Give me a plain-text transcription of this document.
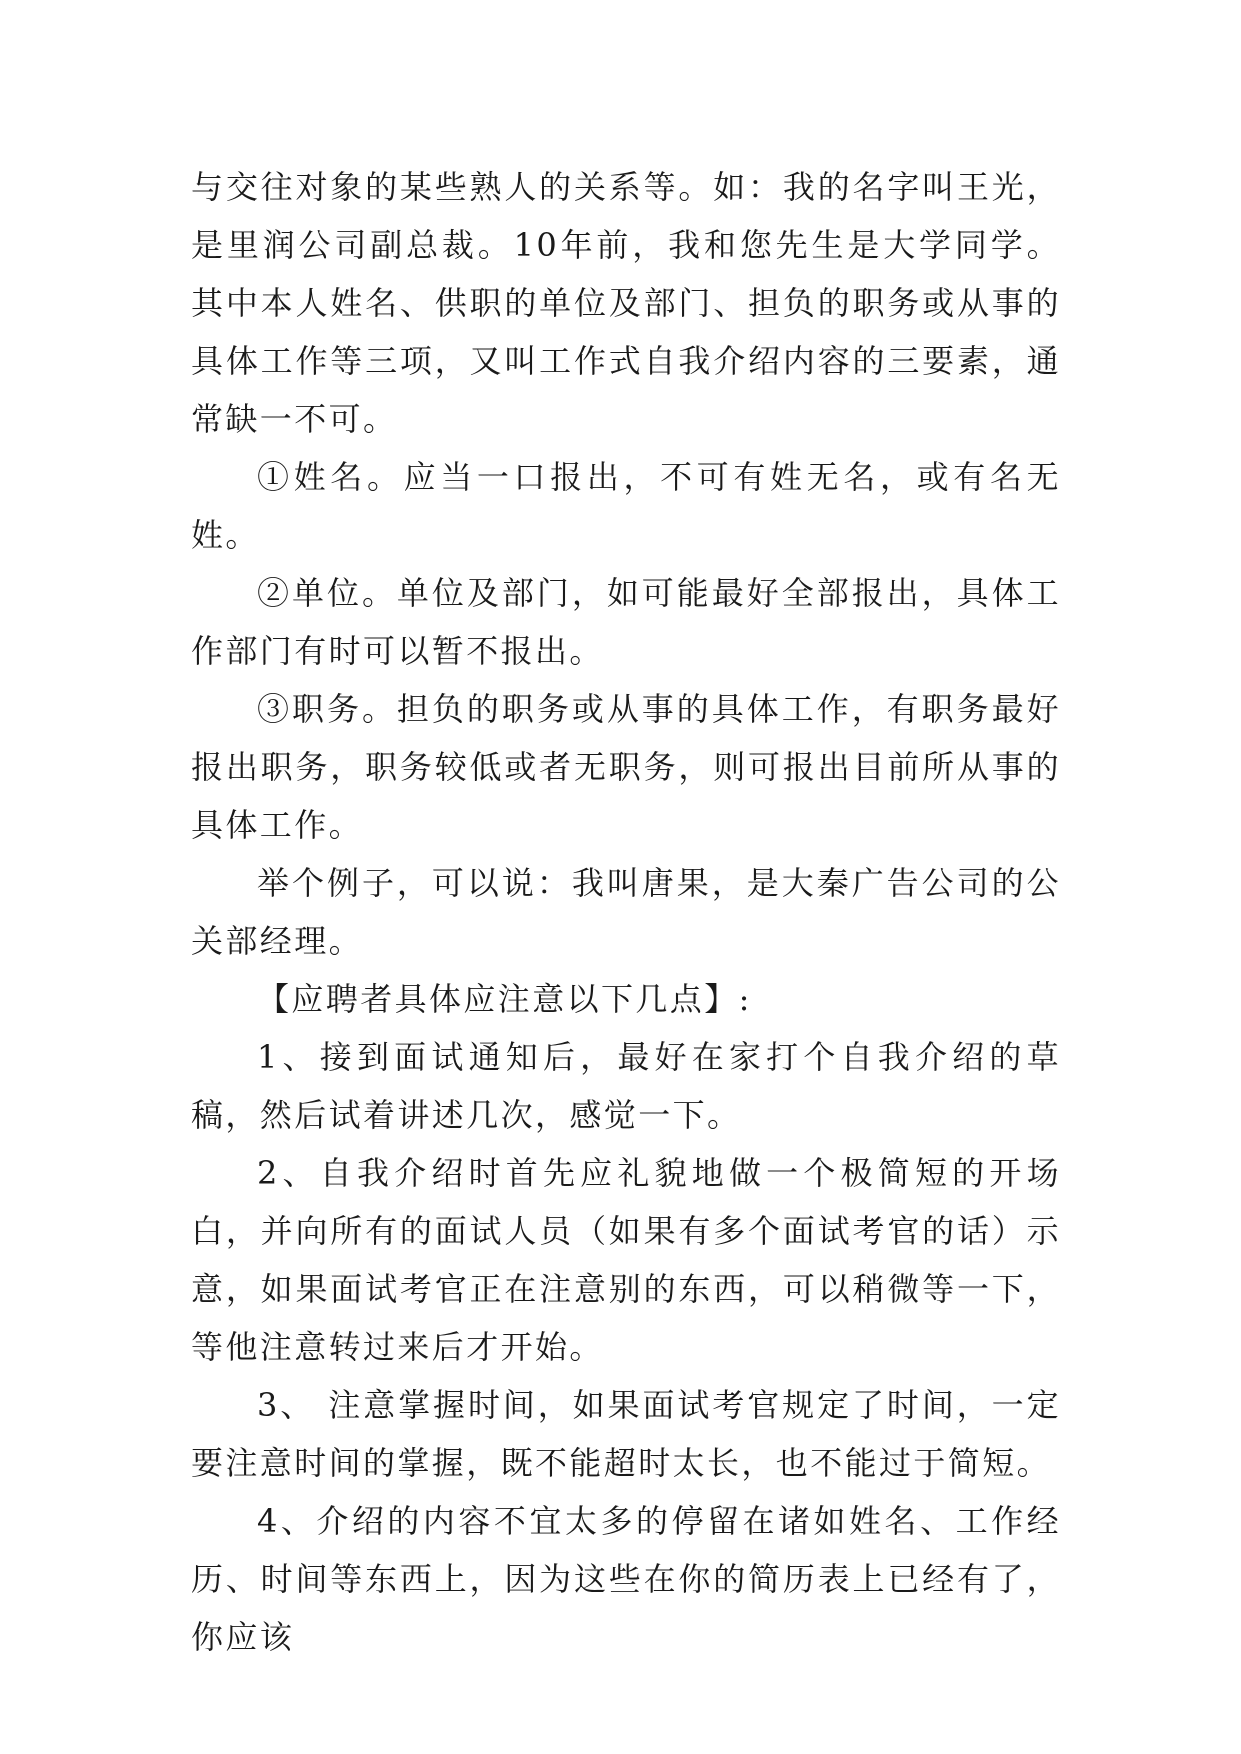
与交往对象的某些熟人的关系等。如：我的名字叫王光，是里润公司副总裁。10年前，我和您先生是大学同学。 其中本人姓名、供职的单位及部门、担负的职务或从事的具体工作等三项，又叫工作式自我介绍内容的三要素，通常缺一不可。

①姓名。应当一口报出，不可有姓无名，或有名无姓。

②单位。单位及部门，如可能最好全部报出，具体工作部门有时可以暂不报出。

③职务。担负的职务或从事的具体工作，有职务最好报出职务，职务较低或者无职务，则可报出目前所从事的具体工作。

举个例子，可以说：我叫唐果，是大秦广告公司的公关部经理。

【应聘者具体应注意以下几点】:

1、接到面试通知后，最好在家打个自我介绍的草稿，然后试着讲述几次，感觉一下。

2、自我介绍时首先应礼貌地做一个极简短的开场白，并向所有的面试人员（如果有多个面试考官的话）示意，如果面试考官正在注意别的东西，可以稍微等一下，等他注意转过来后才开始。

3、 注意掌握时间，如果面试考官规定了时间，一定要注意时间的掌握，既不能超时太长，也不能过于简短。

4、介绍的内容不宜太多的停留在诸如姓名、工作经历、时间等东西上，因为这些在你的简历表上已经有了，你应该
